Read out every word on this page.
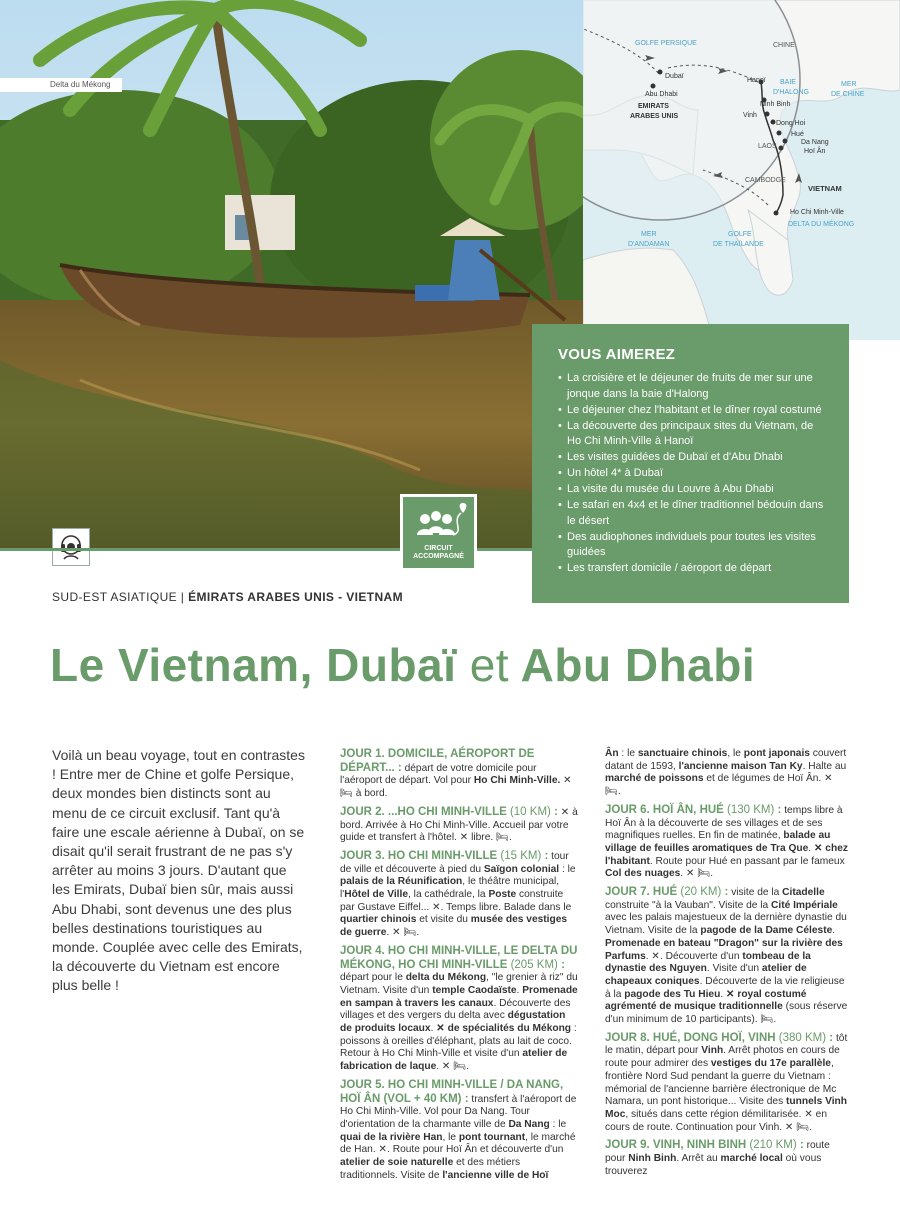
Delta du Mékong
GOLFE PERSIQUE	CHINE
Dubaï
Abu Dhabi
EMIRATS
ARABES UNIS
Hanoï BAIE
D'HALONG
Ninh Binh
MER
DE CHINE
Vinh
Dong Hoi
Hué
LAOS
Da Nang
Hoï Ân
CAMBODGE
VIETNAM
Ho Chi Minh-Ville
DELTA DU MÉKONG
MER
D'ANDAMAN
GOLFE
DE THAÏLANDE
CIRCUIT
ACCOMPAGNÉ
VOUS AIMEREZ
• La croisière et le déjeuner de fruits de mer sur une jonque dans la baie d'Halong
• Le déjeuner chez l'habitant et le dîner royal costumé
• La découverte des principaux sites du Vietnam, de Ho Chi Minh-Ville à Hanoï
• Les visites guidées de Dubaï et d'Abu Dhabi
• Un hôtel 4* à Dubaï
• La visite du musée du Louvre à Abu Dhabi
• Le safari en 4x4 et le dîner traditionnel bédouin dans le désert
• Des audiophones individuels pour toutes les visites guidées
• Les transfert domicile / aéroport de départ
SUD-EST ASIATIQUE | ÉMIRATS ARABES UNIS - VIETNAM
Le Vietnam, Dubaï et Abu Dhabi
Voilà un beau voyage, tout en contrastes ! Entre mer de Chine et golfe Persique, deux mondes bien distincts sont au menu de ce circuit exclusif. Tant qu'à faire une escale aérienne à Dubaï, on se disait qu'il serait frustrant de ne pas s'y arrêter au moins 3 jours. D'autant que les Emirats, Dubaï bien sûr, mais aussi Abu Dhabi, sont devenus une des plus belles destinations touristiques au monde. Couplée avec celle des Emirats, la découverte du Vietnam est encore plus belle !

JOUR 1. DOMICILE, AÉROPORT DE DÉPART... : départ de votre domicile pour l'aéroport de départ. Vol pour Ho Chi Minh-Ville. ✕ 🛏 à bord.

JOUR 2. ...HO CHI MINH-VILLE (10 KM) : ✕ à bord. Arrivée à Ho Chi Minh-Ville. Accueil par votre guide et transfert à l'hôtel. ✕ libre. 🛏.

JOUR 3. HO CHI MINH-VILLE (15 KM) : tour de ville et découverte à pied du Saïgon colonial : le palais de la Réunification, le théâtre municipal, l'Hôtel de Ville, la cathédrale, la Poste construite par Gustave Eiffel... ✕. Temps libre. Balade dans le quartier chinois et visite du musée des vestiges de guerre. ✕ 🛏.

JOUR 4. HO CHI MINH-VILLE, LE DELTA DU MÉKONG, HO CHI MINH-VILLE (205 KM) : départ pour le delta du Mékong, "le grenier à riz" du Vietnam. Visite d'un temple Caodaïste. Promenade en sampan à travers les canaux. Découverte des villages et des vergers du delta avec dégustation de produits locaux. ✕ de spécialités du Mékong : poissons à oreilles d'éléphant, plats au lait de coco. Retour à Ho Chi Minh-Ville et visite d'un atelier de fabrication de laque. ✕ 🛏.

JOUR 5. HO CHI MINH-VILLE / DA NANG, HOÏ ÂN (VOL + 40 KM) : transfert à l'aéroport de Ho Chi Minh-Ville. Vol pour Da Nang. Tour d'orientation de la charmante ville de Da Nang : le quai de la rivière Han, le pont tournant, le marché de Han. ✕. Route pour Hoï Ân et découverte d'un atelier de soie naturelle et des métiers traditionnels. Visite de l'ancienne ville de Hoï

Ân : le sanctuaire chinois, le pont japonais couvert datant de 1593, l'ancienne maison Tan Ky. Halte au marché de poissons et de légumes de Hoï Ân. ✕ 🛏.

JOUR 6. HOÏ ÂN, HUÉ (130 KM) : temps libre à Hoï Ân à la découverte de ses villages et de ses magnifiques ruelles. En fin de matinée, balade au village de feuilles aromatiques de Tra Que. ✕ chez l'habitant. Route pour Hué en passant par le fameux Col des nuages. ✕ 🛏.

JOUR 7. HUÉ (20 KM) : visite de la Citadelle construite "à la Vauban". Visite de la Cité Impériale avec les palais majestueux de la dernière dynastie du Vietnam. Visite de la pagode de la Dame Céleste. Promenade en bateau "Dragon" sur la rivière des Parfums. ✕. Découverte d'un tombeau de la dynastie des Nguyen. Visite d'un atelier de chapeaux coniques. Découverte de la vie religieuse à la pagode des Tu Hieu. ✕ royal costumé agrémenté de musique traditionnelle (sous réserve d'un minimum de 10 participants). 🛏.

JOUR 8. HUÉ, DONG HOÏ, VINH (380 KM) : tôt le matin, départ pour Vinh. Arrêt photos en cours de route pour admirer des vestiges du 17e parallèle, frontière Nord Sud pendant la guerre du Vietnam : mémorial de l'ancienne barrière électronique de Mc Namara, un pont historique... Visite des tunnels Vinh Moc, situés dans cette région démilitarisée. ✕ en cours de route. Continuation pour Vinh. ✕ 🛏.

JOUR 9. VINH, NINH BINH (210 KM) : route pour Ninh Binh. Arrêt au marché local où vous trouverez
